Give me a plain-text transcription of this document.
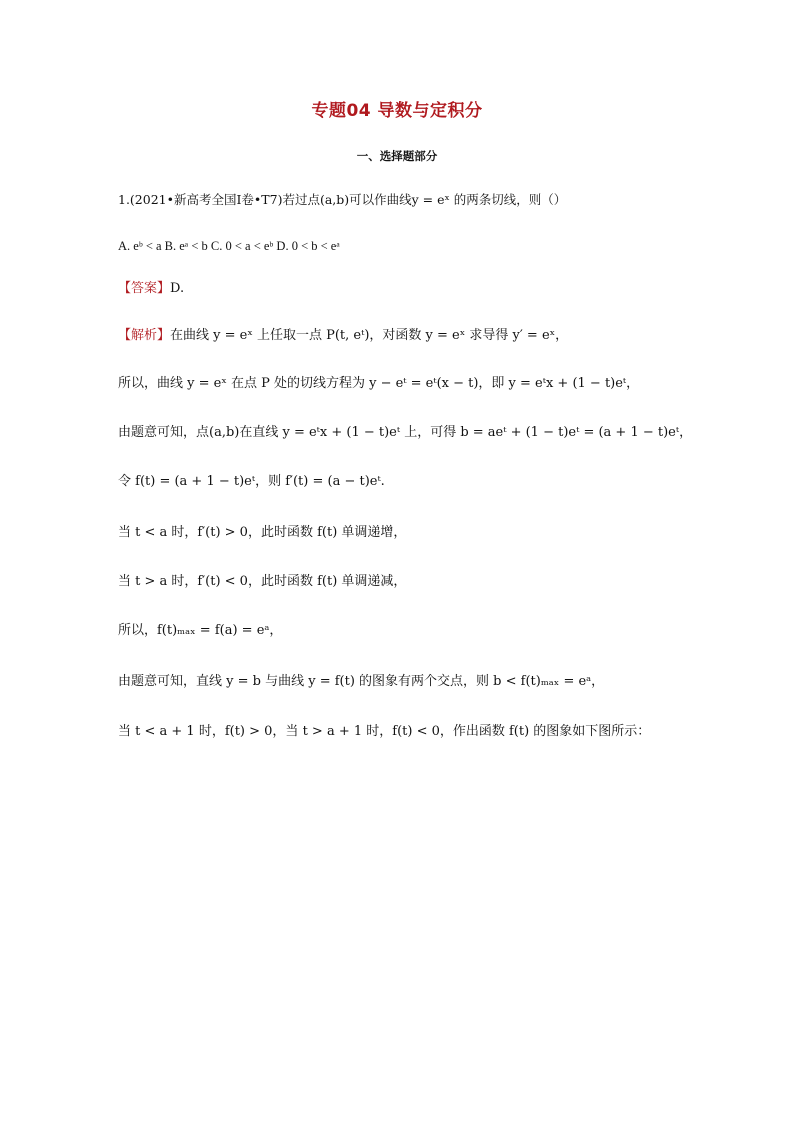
专题04 导数与定积分
一、选择题部分
1.(2021•新高考全国Ⅰ卷•T7)若过点(a,b)可以作曲线y = eˣ 的两条切线，则（）
A. eᵇ < a B. eᵃ < b C. 0 < a < eᵇ D. 0 < b < eᵃ
【答案】D.
【解析】在曲线 y = eˣ 上任取一点 P(t, eᵗ)，对函数 y = eˣ 求导得 y′ = eˣ，
所以，曲线 y = eˣ 在点 P 处的切线方程为 y − eᵗ = eᵗ(x − t)，即 y = eᵗx + (1 − t)eᵗ，
由题意可知，点(a,b)在直线 y = eᵗx + (1 − t)eᵗ 上，可得 b = aeᵗ + (1 − t)eᵗ = (a + 1 − t)eᵗ，
令 f(t) = (a + 1 − t)eᵗ，则 f′(t) = (a − t)eᵗ.
当 t < a 时，f′(t) > 0，此时函数 f(t) 单调递增，
当 t > a 时，f′(t) < 0，此时函数 f(t) 单调递减，
所以，f(t)ₘₐₓ = f(a) = eᵃ，
由题意可知，直线 y = b 与曲线 y = f(t) 的图象有两个交点，则 b < f(t)ₘₐₓ = eᵃ，
当 t < a + 1 时，f(t) > 0，当 t > a + 1 时，f(t) < 0，作出函数 f(t) 的图象如下图所示：
